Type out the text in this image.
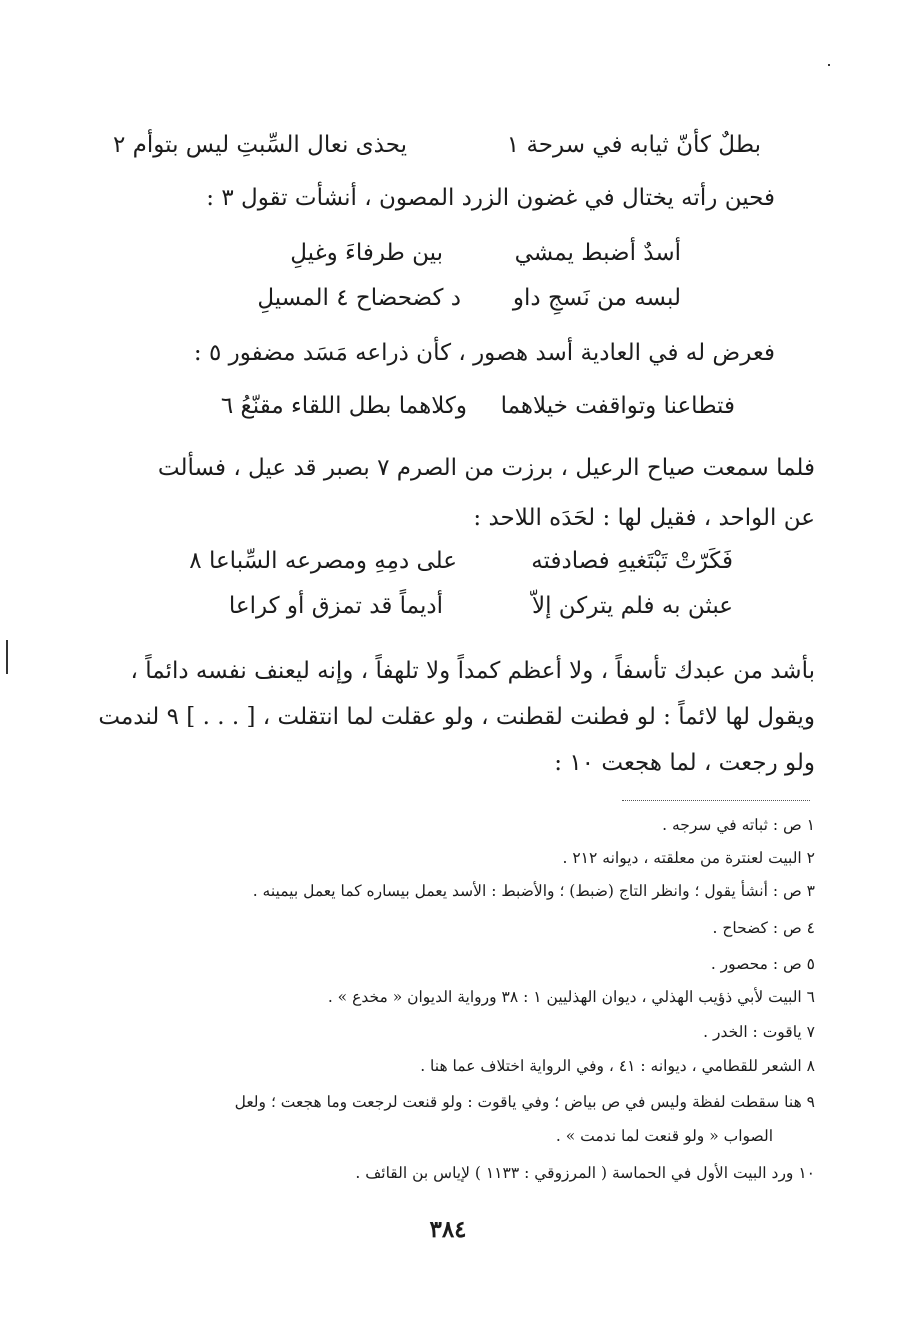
بطلٌ كأنّ ثيابه في سرحة ١
يحذى نعال السِّبتِ ليس بتوأم ٢
فحين رأته يختال في غضون الزرد المصون ، أنشأت تقول ٣ :
أسدٌ أضبط يمشي
بين طرفاءَ وغيلِ
لبسه من نَسجِ داو
د كضحضاح ٤ المسيلِ
فعرض له في العادية أسد هصور ، كأن ذراعه مَسَد مضفور ٥ :
فتطاعنا وتواقفت خيلاهما
وكلاهما بطل اللقاء مقنّعُ ٦
فلما سمعت صياح الرعيل ، برزت من الصرم ٧ بصبر قد عيل ، فسألت
عن الواحد ، فقيل لها : لحَدَه اللاحد :
فَكَرّتْ تَبْتَغيهِ فصادفته
على دمِهِ ومصرعه السِّباعا ٨
عبثن به فلم يتركن إلاّ
أديماً قد تمزق أو كراعا
بأشد من عبدك تأسفاً ، ولا أعظم كمداً ولا تلهفاً ، وإنه ليعنف نفسه دائماً ،
ويقول لها لائماً : لو فطنت لقطنت ، ولو عقلت لما انتقلت ، [ . . . ] ٩ لندمت
ولو رجعت ، لما هجعت ١٠ :
١ ص : ثباته في سرجه .
٢ البيت لعنترة من معلقته ، ديوانه ٢١٢ .
٣ ص : أنشأ يقول ؛ وانظر التاج (ضبط) ؛ والأضبط : الأسد يعمل بيساره كما يعمل بيمينه .
٤ ص : كضحاح .
٥ ص : محصور .
٦ البيت لأبي ذؤيب الهذلي ، ديوان الهذليين ١ : ٣٨ ورواية الديوان « مخدع » .
٧ ياقوت : الخدر .
٨ الشعر للقطامي ، ديوانه : ٤١ ، وفي الرواية اختلاف عما هنا .
٩ هنا سقطت لفظة وليس في ص بياض ؛ وفي ياقوت : ولو قنعت لرجعت وما هجعت ؛ ولعل
الصواب « ولو قنعت لما ندمت » .
١٠ ورد البيت الأول في الحماسة ( المرزوقي : ١١٣٣ ) لإياس بن القائف .
٣٨٤
